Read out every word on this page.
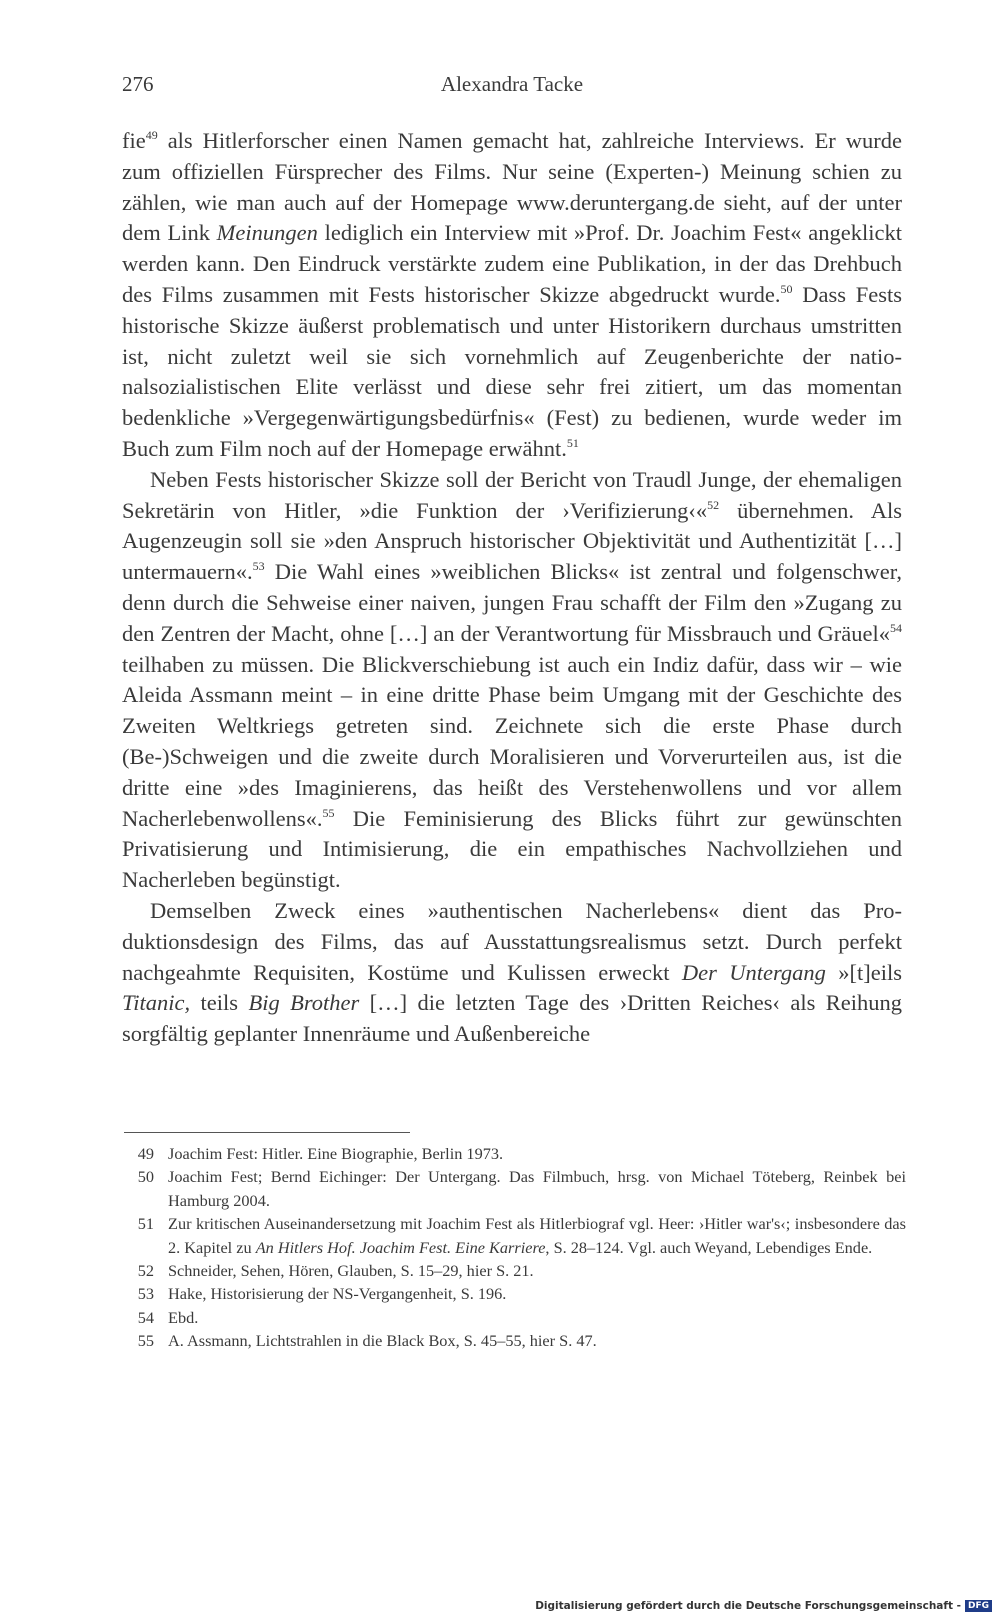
276	Alexandra Tacke

fie$^{49}$ als Hitlerforscher einen Namen gemacht hat, zahlreiche Interviews. Er wurde zum offiziellen Fürsprecher des Films. Nur seine (Experten-) Meinung schien zu zählen, wie man auch auf der Homepage www.deruntergang.de sieht, auf der unter dem Link Meinungen lediglich ein Interview mit »Prof. Dr. Joachim Fest« angeklickt werden kann. Den Eindruck verstärkte zudem eine Publikation, in der das Drehbuch des Films zusammen mit Fests historischer Skizze abgedruckt wurde.$^{50}$ Dass Fests historische Skizze äußerst problematisch und unter Historikern durchaus umstritten ist, nicht zuletzt weil sie sich vornehmlich auf Zeugenberichte der nationalsozialistischen Elite verlässt und diese sehr frei zitiert, um das momentan bedenkliche »Vergegenwärtigungsbedürfnis« (Fest) zu bedienen, wurde weder im Buch zum Film noch auf der Homepage erwähnt.$^{51}$

Neben Fests historischer Skizze soll der Bericht von Traudl Junge, der ehemaligen Sekretärin von Hitler, »die Funktion der ›Verifizierung‹«$^{52}$ übernehmen. Als Augenzeugin soll sie »den Anspruch historischer Objektivität und Authentizität […] untermauern«.$^{53}$ Die Wahl eines »weiblichen Blicks« ist zentral und folgenschwer, denn durch die Sehweise einer naiven, jungen Frau schafft der Film den »Zugang zu den Zentren der Macht, ohne […] an der Verantwortung für Missbrauch und Gräuel«$^{54}$ teilhaben zu müssen. Die Blickverschiebung ist auch ein Indiz dafür, dass wir – wie Aleida Assmann meint – in eine dritte Phase beim Umgang mit der Geschichte des Zweiten Weltkriegs getreten sind. Zeichnete sich die erste Phase durch (Be-)Schweigen und die zweite durch Moralisieren und Vorverurteilen aus, ist die dritte eine »des Imaginierens, das heißt des Verstehenwollens und vor allem Nacherlebenwollens«.$^{55}$ Die Feminisierung des Blicks führt zur gewünschten Privatisierung und Intimisierung, die ein empathisches Nachvollziehen und Nacherleben begünstigt.

Demselben Zweck eines »authentischen Nacherlebens« dient das Produktionsdesign des Films, das auf Ausstattungsrealismus setzt. Durch perfekt nachgeahmte Requisiten, Kostüme und Kulissen erweckt Der Untergang »[t]eils Titanic, teils Big Brother […] die letzten Tage des ›Dritten Reiches‹ als Reihung sorgfältig geplanter Innenräume und Außenbereiche

49 Joachim Fest: Hitler. Eine Biographie, Berlin 1973.
50 Joachim Fest; Bernd Eichinger: Der Untergang. Das Filmbuch, hrsg. von Michael Töteberg, Reinbek bei Hamburg 2004.
51 Zur kritischen Auseinandersetzung mit Joachim Fest als Hitlerbiograf vgl. Heer: ›Hitler war's‹; insbesondere das 2. Kapitel zu An Hitlers Hof. Joachim Fest. Eine Karriere, S. 28–124. Vgl. auch Weyand, Lebendiges Ende.
52 Schneider, Sehen, Hören, Glauben, S. 15–29, hier S. 21.
53 Hake, Historisierung der NS-Vergangenheit, S. 196.
54 Ebd.
55 A. Assmann, Lichtstrahlen in die Black Box, S. 45–55, hier S. 47.
Digitalisierung gefördert durch die Deutsche Forschungsgemeinschaft - DFG
